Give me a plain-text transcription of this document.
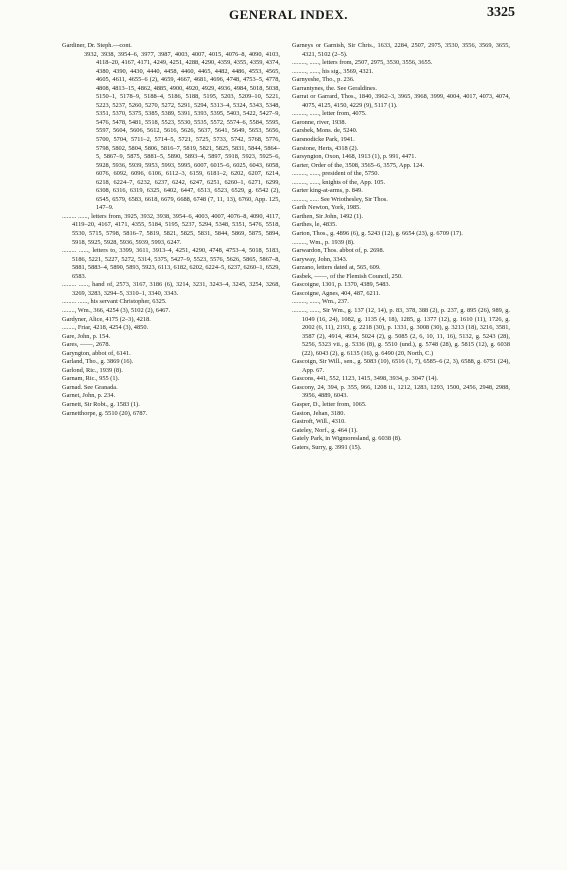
GENERAL INDEX.	3325

Gardiner, Dr. Steph.—cont.

3932, 3938, 3954–6, 3977, 3987, 4003, 4007, 4015, 4076–8, 4090, 4103, 4118–20, 4167, 4171, 4249, 4251, 4288, 4290, 4359, 4355, 4359, 4374, 4380, 4390, 4430, 4440, 4458, 4460, 4465, 4482, 4486, 4553, 4565, 4605, 4611, 4655–6 (2), 4659, 4667, 4681, 4696, 4748, 4753–5, 4778, 4808, 4813–15, 4862, 4885, 4900, 4920, 4929, 4936, 4984, 5018, 5038, 5150–1, 5178–9, 5188–4, 5186, 5188, 5195, 5203, 5209–10, 5221, 5223, 5237, 5260, 5270, 5272, 5291, 5294, 5313–4, 5324, 5343, 5348, 5351, 5370, 5375, 5385, 5389, 5391, 5393, 5395, 5403, 5422, 5427–9, 5476, 5478, 5481, 5518, 5523, 5530, 5535, 5572, 5574–6, 5584, 5595, 5597, 5604, 5606, 5612, 5616, 5626, 5637, 5641, 5649, 5653, 5656, 5700, 5704, 5711–2, 5714–5, 5721, 5725, 5733, 5742, 5768, 5776, 5798, 5802, 5804, 5806, 5816–7, 5819, 5821, 5825, 5831, 5844, 5864–5, 5867–9, 5875, 5881–5, 5890, 5893–4, 5897, 5918, 5923, 5925–6, 5928, 5936, 5939, 5953, 5993, 5995, 6007, 6015–6, 6025, 6043, 6058, 6076, 6092, 6096, 6106, 6112–3, 6159, 6181–2, 6202, 6207, 6214, 6218, 6224–7, 6232, 6237, 6242, 6247, 6251, 6260–1, 6271, 6299, 6308, 6316, 6319, 6325, 6402, 6447, 6513, 6523, 6529, g. 6542 (2), 6545, 6579, 6583, 6618, 6679, 6688, 6748 (7, 11, 13), 6760, App. 125, 147–9.

......... ......, letters from, 3925, 3932, 3938, 3954–6, 4003, 4007, 4076–8, 4090, 4117, 4119–20, 4167, 4171, 4355, 5184, 5195, 5237, 5294, 5348, 5351, 5476, 5518, 5530, 5715, 5798, 5816–7, 5819, 5821, 5825, 5831, 5844, 5869, 5875, 5894, 5918, 5925, 5928, 5936, 5939, 5993, 6247.

......... ......, letters to, 3399, 3611, 3913–4, 4251, 4290, 4748, 4753–4, 5018, 5183, 5186, 5221, 5227, 5272, 5314, 5375, 5427–9, 5523, 5576, 5626, 5865, 5867–8, 5881, 5883–4, 5890, 5893, 5923, 6113, 6182, 6202, 6224–5, 6237, 6260–1, 6529, 6583.

......... ......, hand of, 2573, 3167, 3186 (6), 3214, 3231, 3243–4, 3245, 3254, 3268, 3269, 3283, 3294–5, 3310–1, 3340, 3343.

......... ......, his servant Christopher, 6325.

........, Wm., 366, 4254 (3), 5102 (2), 6467.

Gardyner, Alice, 4175 (2–3), 4218.

........, Friar, 4218, 4254 (3), 4850.

Gare, John, p. 154.

Gares, ——, 2678.

Garyngton, abbot of, 6141.

Garland, Tho., g. 3869 (16).

Garlond, Ric., 1939 (8).

Garnam, Ric., 955 (1).

Garnad. See Granada.

Garnet, John, p. 234.

Garnett, Sir Robt., g. 1583 (1).

Garnetthorpe, g. 5510 (20), 6787.

Garneys or Garnish, Sir Chris., 1633, 2284, 2507, 2975, 3530, 3556, 3569, 3655, 4321, 5102 (2–5).

........., ......, letters from, 2507, 2975, 3530, 3556, 3655.

........., ......, his sig., 3569, 4321.

Garnyeshe, Tho., p. 236.

Garrantynes, the. See Geraldines.

Garrat or Garrard, Thos., 1840, 3962–3, 3965, 3968, 3999, 4004, 4017, 4073, 4074, 4075, 4125, 4150, 4229 (9), 5117 (1).

........., ......, letter from, 4075.

Garonne, river, 1938.

Garsbek, Mons. de, 5240.

Garsnodicke Park, 1941.

Garstone, Herts, 4318 (2).

Garsyngton, Oxon, 1468, 1913 (1), p. 991, 4471.

Garter, Order of the, 3508, 3565–6, 3575, App. 124.

........., ......, president of the, 5750.

........., ......, knights of the, App. 105.

Garter king-at-arms, p. 849.

........., ...... See Wriothesley, Sir Thos.

Garth Newton, York, 1985.

Garthen, Sir John, 1492 (1).

Garthes, le, 4835.

Garton, Thos., g. 4896 (6), g. 5243 (12), g. 6654 (23), g. 6709 (17).

........., Wm., p. 1939 (8).

Garwardon, Thos. abbot of, p. 2698.

Garyway, John, 3343.

Garzano, letters dated at, 565, 609.

Gasbek, ——, of the Flemish Council, 250.

Gascoigne, 1301, p. 1370, 4389, 5483.

Gascoigne, Agnes, 404, 487, 6211.

........., ......, Wm., 237.

........., ......, Sir Wm., g. 137 (12, 14), p. 83, 378, 388 (2), p. 237, g. 895 (26), 989, g. 1049 (16, 24), 1082, g. 1135 (4, 18), 1285, g. 1377 (12), g. 1610 (11), 1726, g. 2002 (6, 11), 2193, g. 2218 (30), p. 1331, g. 3008 (30), g. 3213 (18), 3216, 3581, 3587 (2), 4914, 4934, 5024 (2), g. 5085 (2, 6, 10, 11, 16), 5132, g. 5243 (28), 5256, 5323 vii., g. 5336 (8), g. 5510 (und.), g. 5748 (28), g. 5815 (12), g. 6038 (22), 6043 (2), g. 6135 (16), g. 6490 (20, North, C.)

Gascoign, Sir Will., sen., g. 5083 (10), 6516 (1, 7), 6585–6 (2, 3), 6588, g. 6751 (24), App. 67.

Gascons, 441, 552, 1123, 1415, 3498, 3934, p. 3047 (14).

Gascony, 24, 394, p. 355, 966, 1208 ii., 1212, 1283, 1293, 1500, 2456, 2948, 2988, 3956, 4889, 6043.

Gasper, D., letter from, 1065.

Gaston, Jehan, 3180.

Gastroft, Will., 4310.

Gateley, Norf., g. 464 (1).

Gately Park, in Wigmoresland, g. 6038 (8).

Gaters, Surry, g. 3991 (15).
